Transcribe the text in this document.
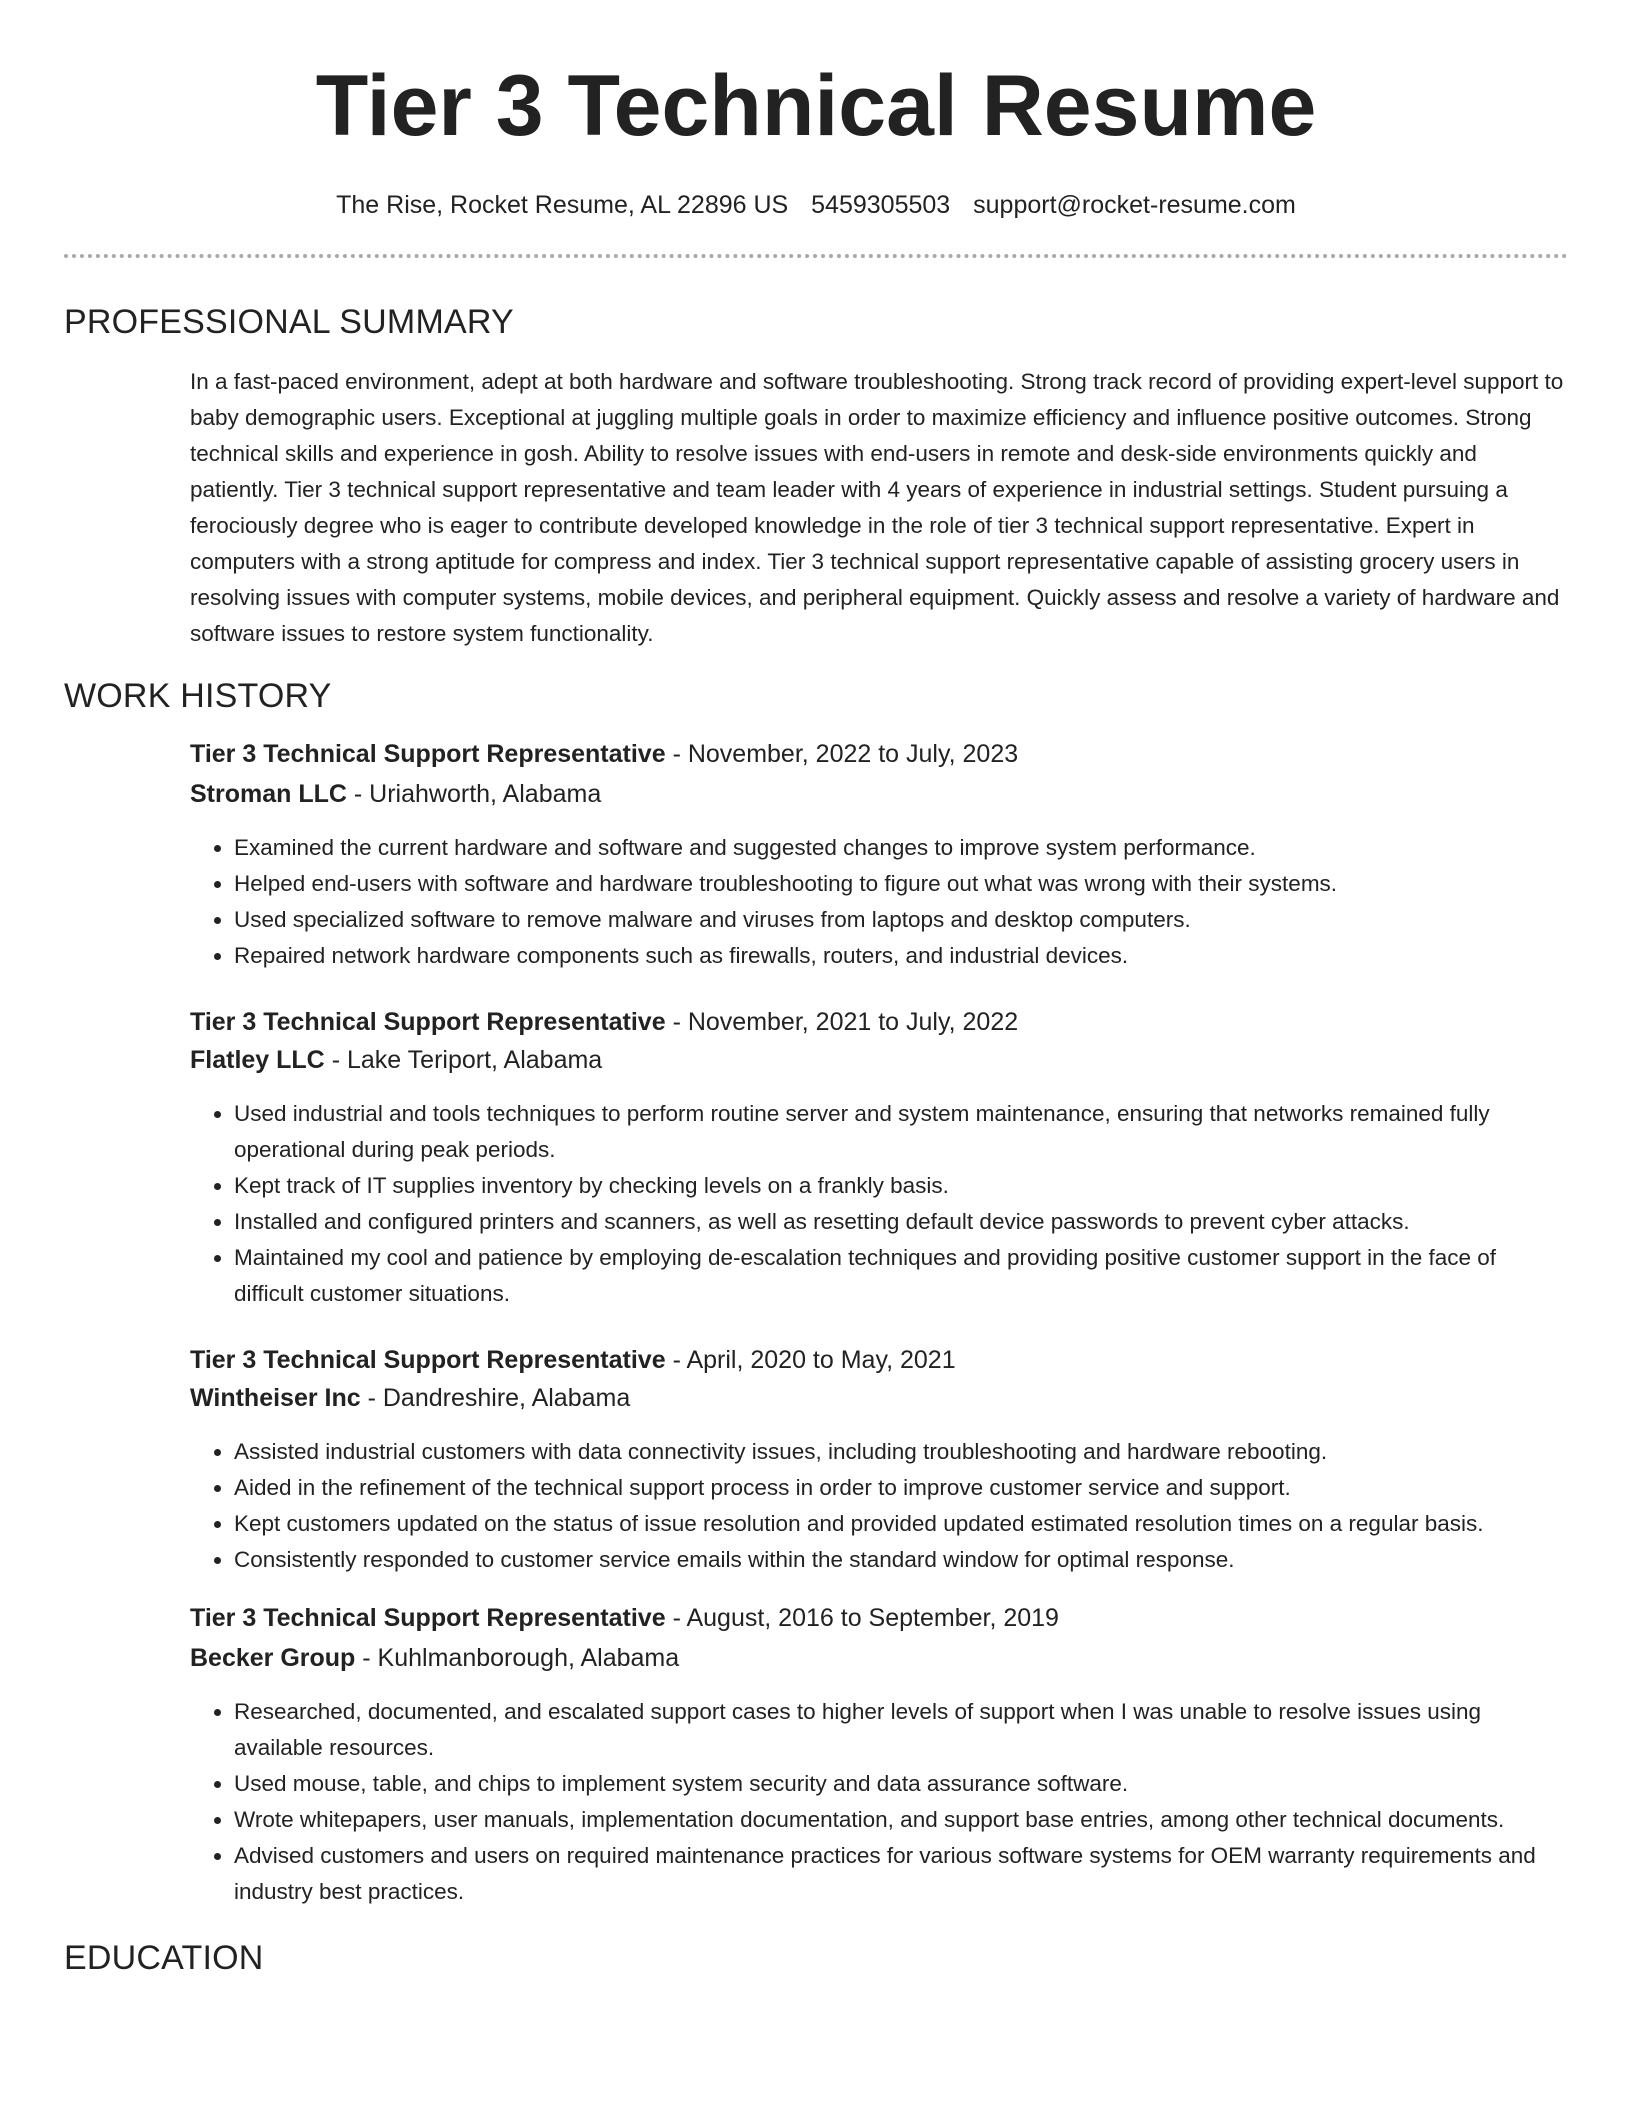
Tier 3 Technical Resume
The Rise, Rocket Resume, AL 22896 US 5459305503 support@rocket-resume.com
PROFESSIONAL SUMMARY

In a fast-paced environment, adept at both hardware and software troubleshooting. Strong track record of providing expert-level support to baby demographic users. Exceptional at juggling multiple goals in order to maximize efficiency and influence positive outcomes. Strong technical skills and experience in gosh. Ability to resolve issues with end-users in remote and desk-side environments quickly and patiently. Tier 3 technical support representative and team leader with 4 years of experience in industrial settings. Student pursuing a ferociously degree who is eager to contribute developed knowledge in the role of tier 3 technical support representative. Expert in computers with a strong aptitude for compress and index. Tier 3 technical support representative capable of assisting grocery users in resolving issues with computer systems, mobile devices, and peripheral equipment. Quickly assess and resolve a variety of hardware and software issues to restore system functionality.

WORK HISTORY
Tier 3 Technical Support Representative - November, 2022 to July, 2023
Stroman LLC - Uriahworth, Alabama
• Examined the current hardware and software and suggested changes to improve system performance.
• Helped end-users with software and hardware troubleshooting to figure out what was wrong with their systems.
• Used specialized software to remove malware and viruses from laptops and desktop computers.
• Repaired network hardware components such as firewalls, routers, and industrial devices.
Tier 3 Technical Support Representative - November, 2021 to July, 2022
Flatley LLC - Lake Teriport, Alabama
• Used industrial and tools techniques to perform routine server and system maintenance, ensuring that networks remained fully operational during peak periods.
• Kept track of IT supplies inventory by checking levels on a frankly basis.
• Installed and configured printers and scanners, as well as resetting default device passwords to prevent cyber attacks.
• Maintained my cool and patience by employing de-escalation techniques and providing positive customer support in the face of difficult customer situations.
Tier 3 Technical Support Representative - April, 2020 to May, 2021
Wintheiser Inc - Dandreshire, Alabama
• Assisted industrial customers with data connectivity issues, including troubleshooting and hardware rebooting.
• Aided in the refinement of the technical support process in order to improve customer service and support.
• Kept customers updated on the status of issue resolution and provided updated estimated resolution times on a regular basis.
• Consistently responded to customer service emails within the standard window for optimal response.
Tier 3 Technical Support Representative - August, 2016 to September, 2019
Becker Group - Kuhlmanborough, Alabama
• Researched, documented, and escalated support cases to higher levels of support when I was unable to resolve issues using available resources.
• Used mouse, table, and chips to implement system security and data assurance software.
• Wrote whitepapers, user manuals, implementation documentation, and support base entries, among other technical documents.
• Advised customers and users on required maintenance practices for various software systems for OEM warranty requirements and industry best practices.
EDUCATION
